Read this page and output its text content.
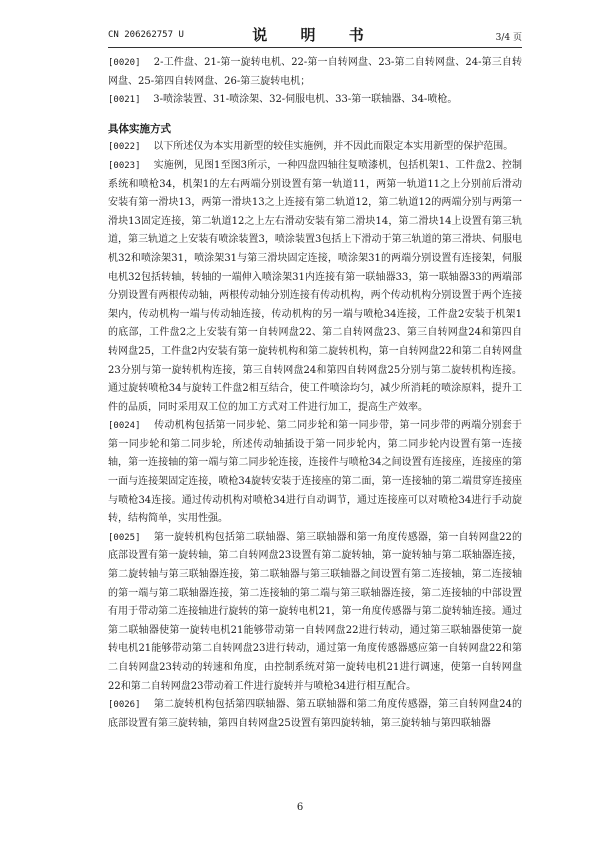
CN 206262757 U	说 明 书	3/4 页

[0020] 2-工件盘、21-第一旋转电机、22-第一自转网盘、23-第二自转网盘、24-第三自转网盘、25-第四自转网盘、26-第三旋转电机；

[0021] 3-喷涂装置、31-喷涂架、32-伺服电机、33-第一联轴器、34-喷枪。

具体实施方式

[0022] 以下所述仅为本实用新型的较佳实施例，并不因此而限定本实用新型的保护范围。

[0023] 实施例，见图1至图3所示，一种四盘四轴往复喷漆机，包括机架1、工件盘2、控制系统和喷枪34，机架1的左右两端分别设置有第一轨道11，两第一轨道11之上分别前后滑动安装有第一滑块13，两第一滑块13之上连接有第二轨道12，第二轨道12的两端分别与两第一滑块13固定连接，第二轨道12之上左右滑动安装有第二滑块14，第二滑块14上设置有第三轨道，第三轨道之上安装有喷涂装置3，喷涂装置3包括上下滑动于第三轨道的第三滑块、伺服电机32和喷涂架31，喷涂架31与第三滑块固定连接，喷涂架31的两端分别设置有连接架，伺服电机32包括转轴，转轴的一端伸入喷涂架31内连接有第一联轴器33，第一联轴器33的两端部分别设置有两根传动轴，两根传动轴分别连接有传动机构，两个传动机构分别设置于两个连接架内，传动机构一端与传动轴连接，传动机构的另一端与喷枪34连接，工件盘2安装于机架1的底部，工件盘2之上安装有第一自转网盘22、第二自转网盘23、第三自转网盘24和第四自转网盘25，工件盘2内安装有第一旋转机构和第二旋转机构，第一自转网盘22和第二自转网盘23分别与第一旋转机构连接，第三自转网盘24和第四自转网盘25分别与第二旋转机构连接。通过旋转喷枪34与旋转工件盘2相互结合，使工件喷涂均匀，减少所消耗的喷涂原料，提升工件的品质，同时采用双工位的加工方式对工件进行加工，提高生产效率。

[0024] 传动机构包括第一同步轮、第二同步轮和第一同步带，第一同步带的两端分别套于第一同步轮和第二同步轮，所述传动轴插设于第一同步轮内，第二同步轮内设置有第一连接轴，第一连接轴的第一端与第二同步轮连接，连接件与喷枪34之间设置有连接座，连接座的第一面与连接架固定连接，喷枪34旋转安装于连接座的第二面，第一连接轴的第二端贯穿连接座与喷枪34连接。通过传动机构对喷枪34进行自动调节，通过连接座可以对喷枪34进行手动旋转，结构简单，实用性强。

[0025] 第一旋转机构包括第二联轴器、第三联轴器和第一角度传感器，第一自转网盘22的底部设置有第一旋转轴，第二自转网盘23设置有第二旋转轴，第一旋转轴与第二联轴器连接，第二旋转轴与第三联轴器连接，第二联轴器与第三联轴器之间设置有第二连接轴，第二连接轴的第一端与第二联轴器连接，第二连接轴的第二端与第三联轴器连接，第二连接轴的中部设置有用于带动第二连接轴进行旋转的第一旋转电机21，第一角度传感器与第二旋转轴连接。通过第二联轴器使第一旋转电机21能够带动第一自转网盘22进行转动，通过第三联轴器使第一旋转电机21能够带动第二自转网盘23进行转动，通过第一角度传感器感应第一自转网盘22和第二自转网盘23转动的转速和角度，由控制系统对第一旋转电机21进行调速，使第一自转网盘22和第二自转网盘23带动着工件进行旋转并与喷枪34进行相互配合。

[0026] 第二旋转机构包括第四联轴器、第五联轴器和第二角度传感器，第三自转网盘24的底部设置有第三旋转轴，第四自转网盘25设置有第四旋转轴，第三旋转轴与第四联轴器

6
